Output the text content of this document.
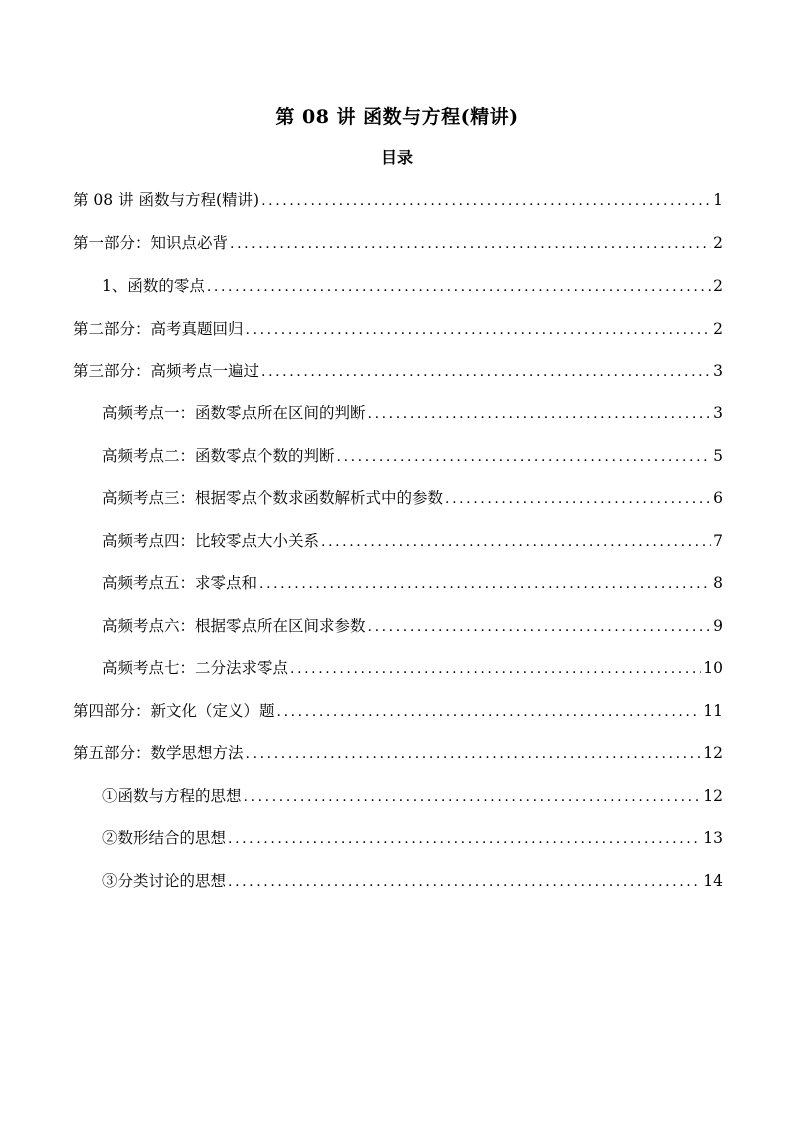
第 08 讲 函数与方程(精讲)
目录
第 08 讲 函数与方程(精讲) .....	1
第一部分：知识点必背 .....	2
1、函数的零点 .....	2
第二部分：高考真题回归 .....	2
第三部分：高频考点一遍过 .....	3
高频考点一：函数零点所在区间的判断 .....	3
高频考点二：函数零点个数的判断 .....	5
高频考点三：根据零点个数求函数解析式中的参数 .....	6
高频考点四：比较零点大小关系 .....	7
高频考点五：求零点和 .....	8
高频考点六：根据零点所在区间求参数 .....	9
高频考点七：二分法求零点 .....	10
第四部分：新文化（定义）题 .....	11
第五部分：数学思想方法 .....	12
①函数与方程的思想 .....	12
②数形结合的思想 .....	13
③分类讨论的思想 .....	14
